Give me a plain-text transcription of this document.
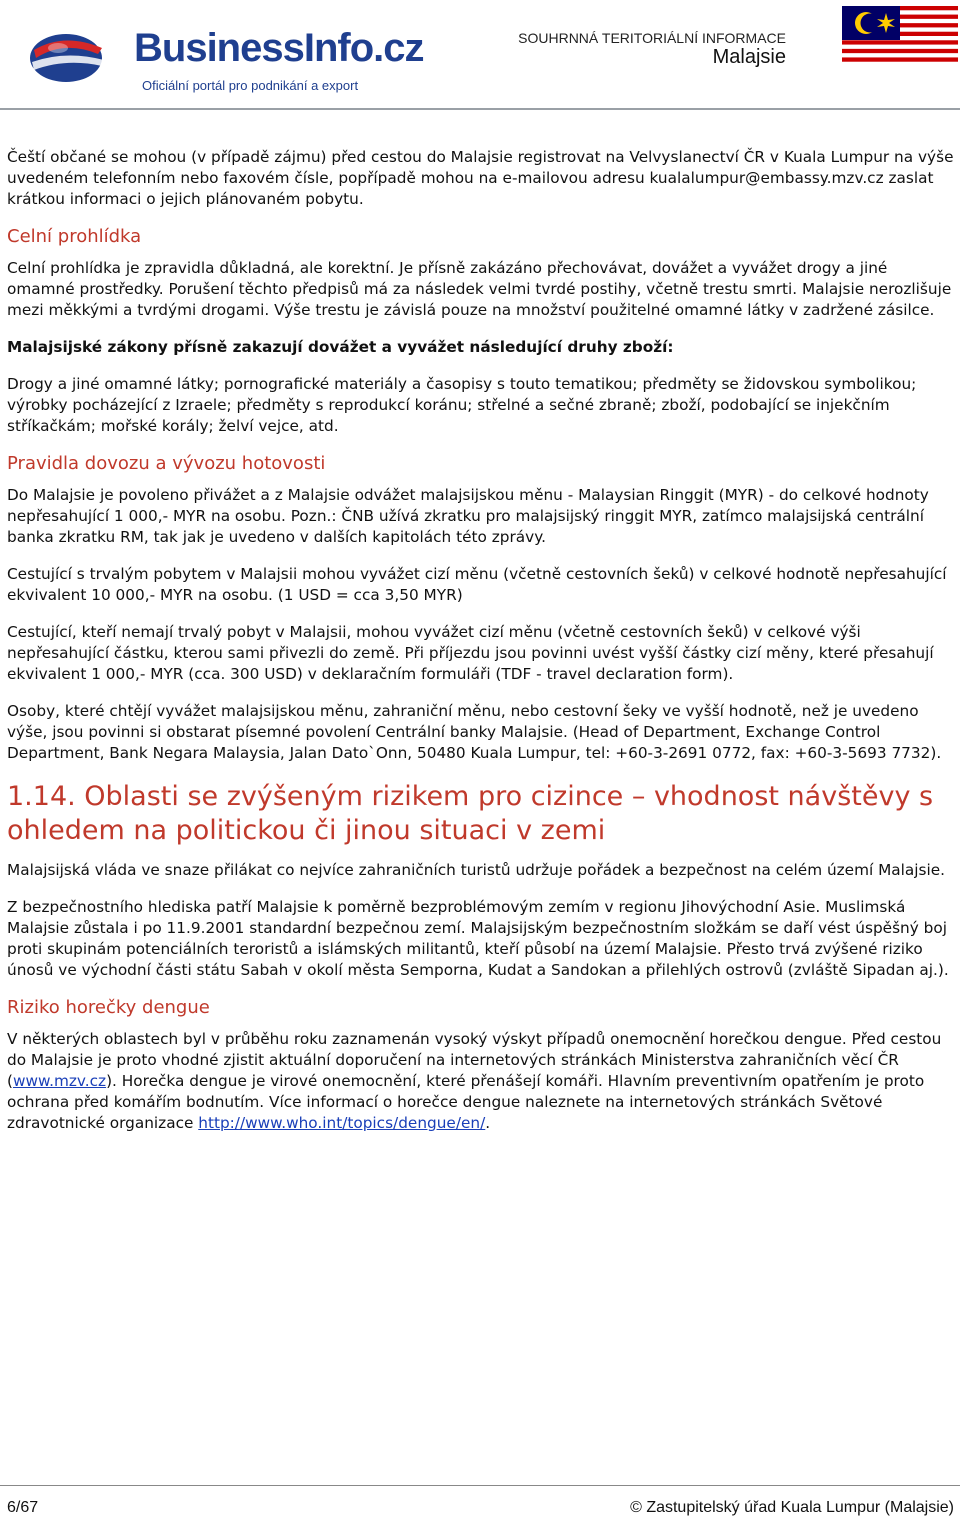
BusinessInfo.cz
Oficiální portál pro podnikání a export
SOUHRNNÁ TERITORIÁLNÍ INFORMACE
Malajsie

Čeští občané se mohou (v případě zájmu) před cestou do Malajsie registrovat na Velvyslanectví ČR v Kuala Lumpur na výše uvedeném telefonním nebo faxovém čísle, popřípadě mohou na e-mailovou adresu kualalumpur@embassy.mzv.cz zaslat krátkou informaci o jejich plánovaném pobytu.

Celní prohlídka

Celní prohlídka je zpravidla důkladná, ale korektní. Je přísně zakázáno přechovávat, dovážet a vyvážet drogy a jiné omamné prostředky. Porušení těchto předpisů má za následek velmi tvrdé postihy, včetně trestu smrti. Malajsie nerozlišuje mezi měkkými a tvrdými drogami. Výše trestu je závislá pouze na množství použitelné omamné látky v zadržené zásilce.

Malajsijské zákony přísně zakazují dovážet a vyvážet následující druhy zboží:

Drogy a jiné omamné látky; pornografické materiály a časopisy s touto tematikou; předměty se židovskou symbolikou; výrobky pocházející z Izraele; předměty s reprodukcí koránu; střelné a sečné zbraně; zboží, podobající se injekčním stříkačkám; mořské korály; želví vejce, atd.

Pravidla dovozu a vývozu hotovosti

Do Malajsie je povoleno přivážet a z Malajsie odvážet malajsijskou měnu - Malaysian Ringgit (MYR) - do celkové hodnoty nepřesahující 1 000,- MYR na osobu. Pozn.: ČNB užívá zkratku pro malajsijský ringgit MYR, zatímco malajsijská centrální banka zkratku RM, tak jak je uvedeno v dalších kapitolách této zprávy.

Cestující s trvalým pobytem v Malajsii mohou vyvážet cizí měnu (včetně cestovních šeků) v celkové hodnotě nepřesahující ekvivalent 10 000,- MYR na osobu. (1 USD = cca 3,50 MYR)

Cestující, kteří nemají trvalý pobyt v Malajsii, mohou vyvážet cizí měnu (včetně cestovních šeků) v celkové výši nepřesahující částku, kterou sami přivezli do země. Při příjezdu jsou povinni uvést vyšší částky cizí měny, které přesahují ekvivalent 1 000,- MYR (cca. 300 USD) v deklaračním formuláři (TDF - travel declaration form).

Osoby, které chtějí vyvážet malajsijskou měnu, zahraniční měnu, nebo cestovní šeky ve vyšší hodnotě, než je uvedeno výše, jsou povinni si obstarat písemné povolení Centrální banky Malajsie. (Head of Department, Exchange Control Department, Bank Negara Malaysia, Jalan Dato`Onn, 50480 Kuala Lumpur, tel: +60-3-2691 0772, fax: +60-3-5693 7732).

1.14. Oblasti se zvýšeným rizikem pro cizince – vhodnost návštěvy s ohledem na politickou či jinou situaci v zemi

Malajsijská vláda ve snaze přilákat co nejvíce zahraničních turistů udržuje pořádek a bezpečnost na celém území Malajsie.

Z bezpečnostního hlediska patří Malajsie k poměrně bezproblémovým zemím v regionu Jihovýchodní Asie. Muslimská Malajsie zůstala i po 11.9.2001 standardní bezpečnou zemí. Malajsijským bezpečnostním složkám se daří vést úspěšný boj proti skupinám potenciálních teroristů a islámských militantů, kteří působí na území Malajsie. Přesto trvá zvýšené riziko únosů ve východní části státu Sabah v okolí města Semporna, Kudat a Sandokan a přilehlých ostrovů (zvláště Sipadan aj.).

Riziko horečky dengue

V některých oblastech byl v průběhu roku zaznamenán vysoký výskyt případů onemocnění horečkou dengue. Před cestou do Malajsie je proto vhodné zjistit aktuální doporučení na internetových stránkách Ministerstva zahraničních věcí ČR (www.mzv.cz). Horečka dengue je virové onemocnění, které přenášejí komáři. Hlavním preventivním opatřením je proto ochrana před komářím bodnutím. Více informací o horečce dengue naleznete na internetových stránkách Světové zdravotnické organizace http://www.who.int/topics/dengue/en/.

6/67	© Zastupitelský úřad Kuala Lumpur (Malajsie)
